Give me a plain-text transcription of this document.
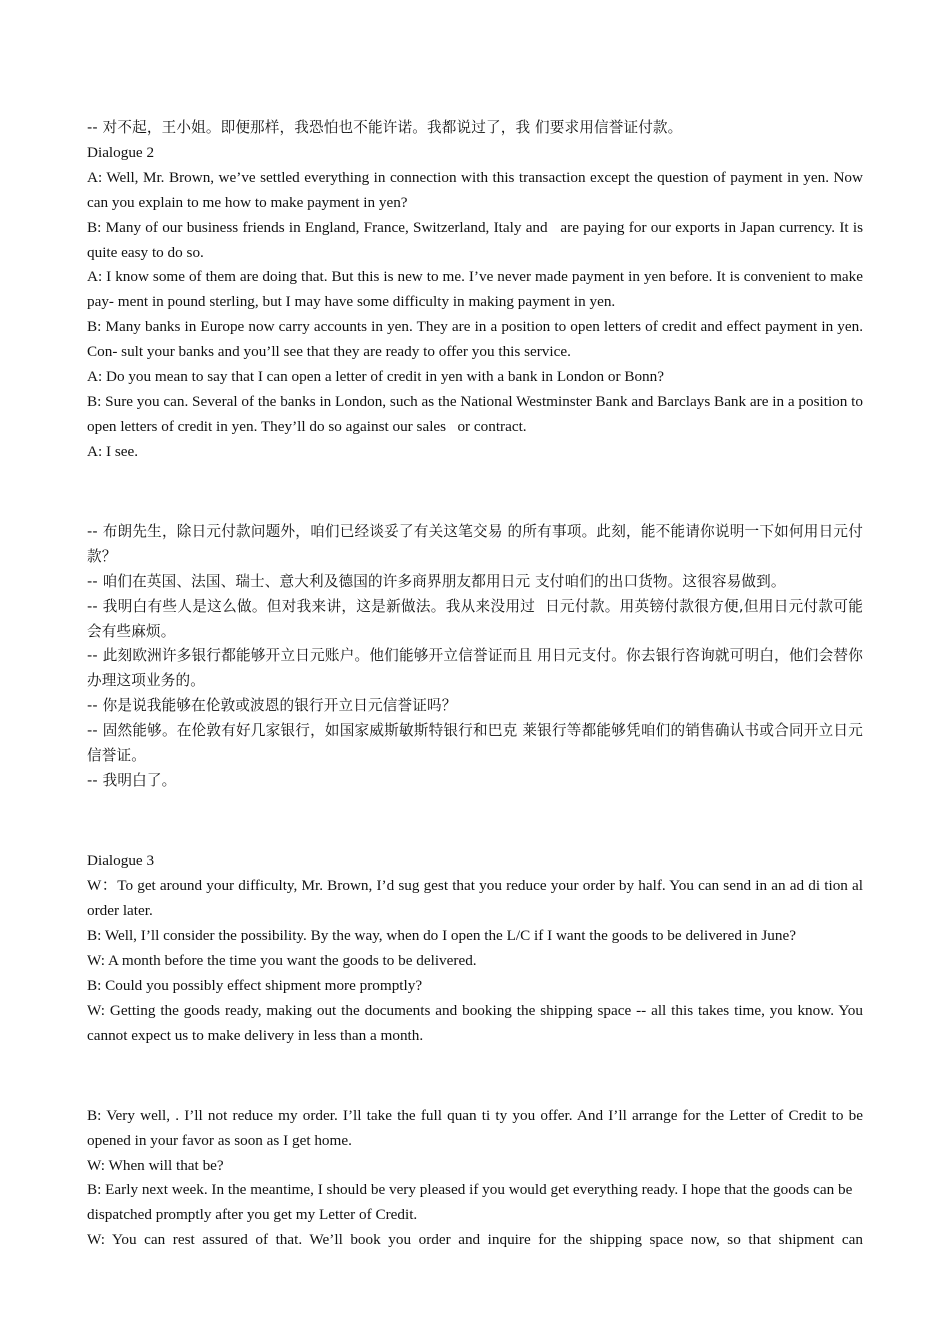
-- 对不起，王小姐。即便那样，我恐怕也不能许诺。我都说过了，我 们要求用信誉证付款。

Dialogue 2

A: Well, Mr. Brown, we’ve settled everything in connection with this transaction except the question of payment in yen. Now can you explain to me how to make payment in yen?

B: Many of our business friends in England, France, Switzerland, Italy and   are paying for our exports in Japan currency. It is quite easy to do so.

A: I know some of them are doing that. But this is new to me. I’ve never made payment in yen before. It is convenient to make pay- ment in pound sterling, but I may have some difficulty in making payment in yen.

B: Many banks in Europe now carry accounts in yen. They are in a position to open letters of credit and effect payment in yen. Con- sult your banks and you’ll see that they are ready to offer you this service.

A: Do you mean to say that I can open a letter of credit in yen with a bank in London or Bonn?

B: Sure you can. Several of the banks in London, such as the National Westminster Bank and Barclays Bank are in a position to open letters of credit in yen. They’ll do so against our sales   or contract.

A: I see.

-- 布朗先生，除日元付款问题外，咱们已经谈妥了有关这笔交易 的所有事项。此刻，能不能请你说明一下如何用日元付款？

-- 咱们在英国、法国、瑞士、意大利及德国的许多商界朋友都用日元 支付咱们的出口货物。这很容易做到。

-- 我明白有些人是这么做。但对我来讲，这是新做法。我从来没用过  日元付款。用英镑付款很方便,但用日元付款可能会有些麻烦。

-- 此刻欧洲许多银行都能够开立日元账户。他们能够开立信誉证而且 用日元支付。你去银行咨询就可明白，他们会替你办理这项业务的。

-- 你是说我能够在伦敦或波恩的银行开立日元信誉证吗？

-- 固然能够。在伦敦有好几家银行，如国家威斯敏斯特银行和巴克 莱银行等都能够凭咱们的销售确认书或合同开立日元信誉证。

-- 我明白了。

Dialogue 3

W：To get around your difficulty, Mr. Brown, I’d sug gest that you reduce your order by half. You can send in an ad di tion al order later.

B: Well, I’ll consider the possibility. By the way, when do I open the L/C if I want the goods to be delivered in June?

W: A month before the time you want the goods to be delivered.

B: Could you possibly effect shipment more promptly?

W: Getting the goods ready, making out the documents and booking the shipping space -- all this takes time, you know. You cannot expect us to make delivery in less than a month.

B: Very well, . I’ll not reduce my order. I’ll take the full quan ti ty you offer. And I’ll arrange for the Letter of Credit to be opened in your favor as soon as I get home.

W: When will that be?

B: Early next week. In the meantime, I should be very pleased if you would get everything ready. I hope that the goods can be

dispatched promptly after you get my Letter of Credit.

W: You can rest assured of that. We’ll book you order and inquire for the shipping space now, so that shipment can
